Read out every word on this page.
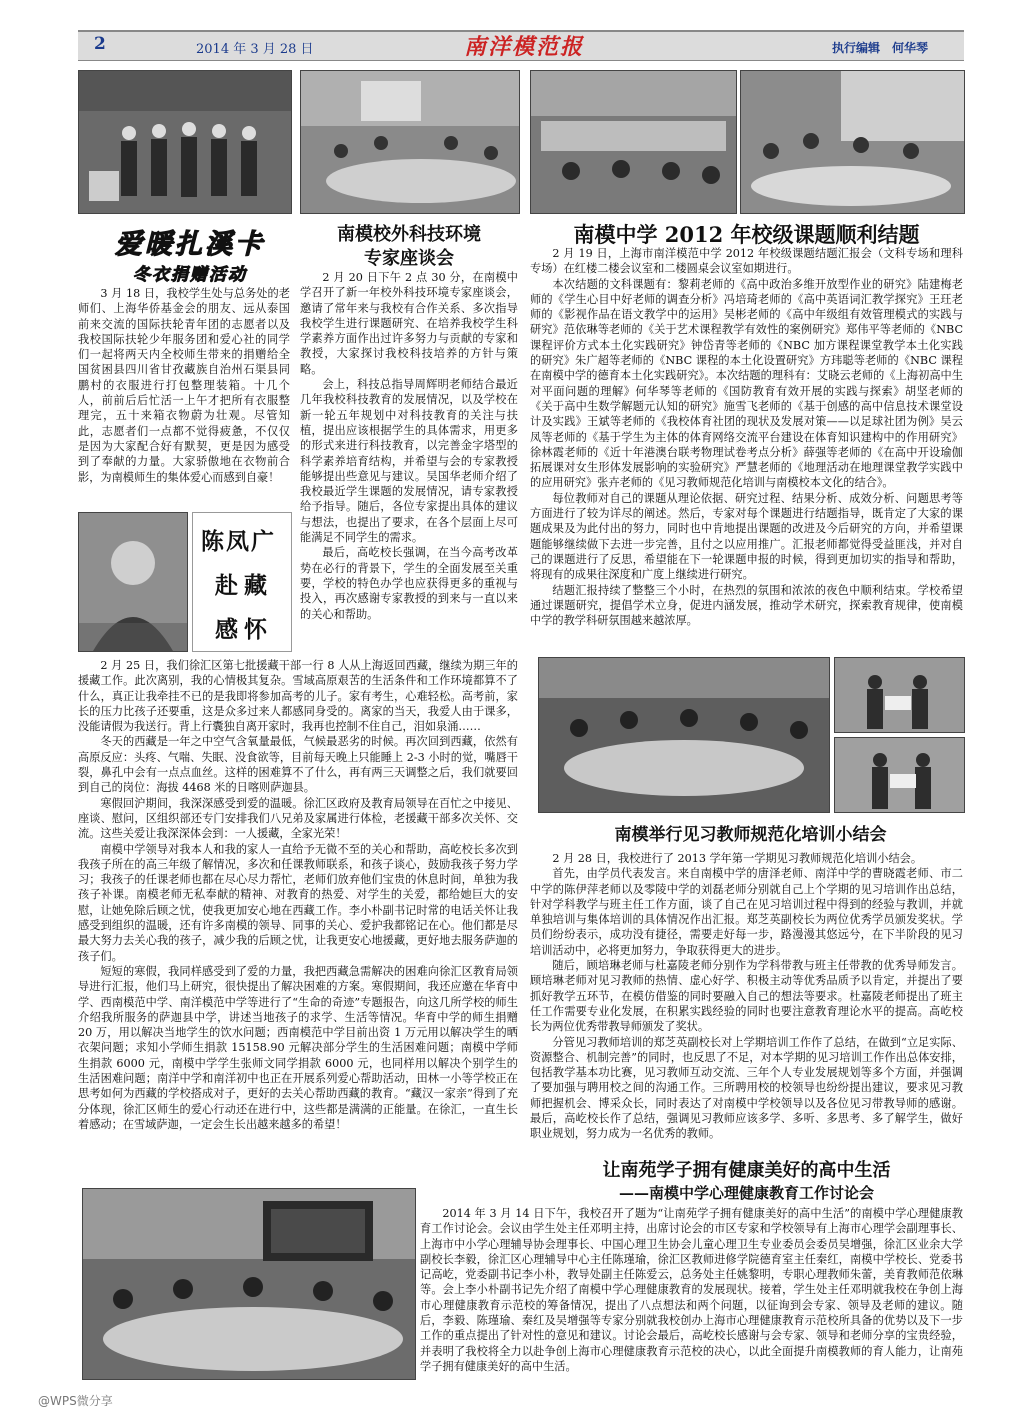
2	2014 年 3 月 28 日	南洋模范报	执行编辑　何华琴
爱暖扎溪卡
冬衣捐赠活动

3 月 18 日，我校学生处与总务处的老师们、上海华侨基金会的朋友、远从泰国前来交流的国际扶轮青年团的志愿者以及我校国际扶轮少年服务团和爱心社的同学们一起将两天内全校师生带来的捐赠给全国贫困县四川省甘孜藏族自治州石渠县同鹏村的衣服进行打包整理装箱。十几个人，前前后后忙活一上午才把所有衣服整理完，五十来箱衣物蔚为壮观。尽管知此，志愿者们一点都不觉得疲惫，不仅仅是因为大家配合好有默契，更是因为感受到了奉献的力量。大家骄傲地在衣物前合影，为南模师生的集体爱心而感到自豪！

南模校外科技环境
专家座谈会

2 月 20 日下午 2 点 30 分，在南模中学召开了新一年校外科技环境专家座谈会，邀请了常年来与我校有合作关系、多次指导我校学生进行课题研究、在培养我校学生科学素养方面作出过许多努力与贡献的专家和教授，大家探讨我校科技培养的方针与策略。

会上，科技总指导周辉明老师结合最近几年我校科技教育的发展情况，以及学校在新一轮五年规划中对科技教育的关注与扶植，提出应该根据学生的具体需求，用更多的形式来进行科技教育，以完善金字塔型的科学素养培育结构，并希望与会的专家教授能够提出些意见与建议。吴国华老师介绍了我校最近学生课题的发展情况，请专家教授给予指导。随后，各位专家提出具体的建议与想法，也提出了要求，在各个层面上尽可能满足不同学生的需求。

最后，高屹校长强调，在当今高考改革势在必行的背景下，学生的全面发展至关重要，学校的特色办学也应获得更多的重视与投入，再次感谢专家教授的到来与一直以来的关心和帮助。

南模中学 2012 年校级课题顺利结题

2 月 19 日，上海市南洋模范中学 2012 年校级课题结题汇报会（文科专场和理科专场）在红楼二楼会议室和二楼圆桌会议室如期进行。

本次结题的文科课题有：黎莉老师的《高中政治多维开放型作业的研究》陆建梅老师的《学生心目中好老师的调查分析》冯培琦老师的《高中英语词汇教学探究》王玨老师的《影视作品在语文教学中的运用》吴彬老师的《高中年级组有效管理模式的实践与研究》范依琳等老师的《关于艺术课程教学有效性的案例研究》郑伟平等老师的《NBC 课程评价方式本土化实践研究》钟岱青等老师的《NBC 加方课程课堂教学本土化实践的研究》朱广超等老师的《NBC 课程的本土化设置研究》方玮聪等老师的《NBC 课程在南模中学的德育本土化实践研究》。本次结题的理科有：艾晓云老师的《上海初高中生对平面问题的理解》何华琴等老师的《国防教育有效开展的实践与探索》胡坚老师的《关于高中生数学解题元认知的研究》施雪飞老师的《基于创感的高中信息技术课堂设计及实践》王斌等老师的《我校体育社团的现状及发展对策——以足球社团为例》吴云凤等老师的《基于学生为主体的体育网络交流平台建设在体育知识建构中的作用研究》徐林霞老师的《近十年港澳台联考物理试卷考点分析》薛强等老师的《在高中开设瑜伽拓展课对女生形体发展影响的实验研究》严慧老师的《地理活动在地理课堂教学实践中的应用研究》张卉老师的《见习教师规范化培训与南模校本文化的结合》。

每位教师对自己的课题从理论依据、研究过程、结果分析、成效分析、问题思考等方面进行了较为详尽的阐述。然后，专家对每个课题进行结题指导，既肯定了大家的课题成果及为此付出的努力，同时也中肯地提出课题的改进及今后研究的方向，并希望课题能够继续做下去进一步完善，且付之以应用推广。汇报老师都觉得受益匪浅，并对自己的课题进行了反思，希望能在下一轮课题申报的时候，得到更加切实的指导和帮助，将现有的成果往深度和广度上继续进行研究。

结题汇报持续了整整三个小时，在热烈的氛围和浓浓的夜色中顺利结束。学校希望通过课题研究，提倡学术立身，促进内涵发展，推动学术研究，探索教育规律，使南模中学的教学科研氛围越来越浓厚。

陈凤广
赴藏
感怀

2 月 25 日，我们徐汇区第七批援藏干部一行 8 人从上海返回西藏，继续为期三年的援藏工作。此次离别，我的心情极其复杂。雪域高原艰苦的生活条件和工作环境都算不了什么，真正让我牵挂不已的是我即将参加高考的儿子。家有考生，心难轻松。高考前，家长的压力比孩子还要重，这是众多过来人都感同身受的。离家的当天，我爱人由于课多，没能请假为我送行。背上行囊独自离开家时，我再也控制不住自己，泪如泉涌……

冬天的西藏是一年之中空气含氧量最低，气候最恶劣的时候。再次回到西藏，依然有高原反应：头疼、气喘、失眠、没食欲等，目前每天晚上只能睡上 2-3 小时的觉，嘴唇干裂，鼻孔中会有一点点血丝。这样的困难算不了什么，再有两三天调整之后，我们就要回到自己的岗位：海拔 4468 米的日喀则萨迦县。

寒假回沪期间，我深深感受到爱的温暖。徐汇区政府及教育局领导在百忙之中接见、座谈、慰问，区组织部还专门安排我们八兄弟及家属进行体检，老援藏干部多次关怀、交流。这些关爱让我深深体会到：一人援藏，全家光荣！

南模中学领导对我本人和我的家人一直给予无微不至的关心和帮助，高屹校长多次到我孩子所在的高三年级了解情况，多次和任课教师联系，和孩子谈心，鼓励我孩子努力学习；我孩子的任课老师也都在尽心尽力帮忙，老师们放弃他们宝贵的休息时间，单独为我孩子补课。南模老师无私奉献的精神、对教育的热爱、对学生的关爱，都给她巨大的安慰，让她免除后顾之忧，使我更加安心地在西藏工作。李小朴副书记时常的电话关怀让我感受到组织的温暖，还有许多南模的领导、同事的关心、爱护我都铭记在心。他们都是尽最大努力去关心我的孩子，减少我的后顾之忧，让我更安心地援藏，更好地去服务萨迦的孩子们。

短短的寒假，我同样感受到了爱的力量，我把西藏急需解决的困难向徐汇区教育局领导进行汇报，他们马上研究，很快提出了解决困难的方案。寒假期间，我还应邀在华育中学、西南模范中学、南洋模范中学等进行了“生命的奇迹”专题报告，向这几所学校的师生介绍我所服务的萨迦县中学，讲述当地孩子的求学、生活等情况。华育中学的师生捐赠 20 万，用以解决当地学生的饮水问题；西南模范中学目前出资 1 万元用以解决学生的晒衣架问题；求知小学师生捐款 15158.90 元解决部分学生的生活困难问题；南模中学师生捐款 6000 元，南模中学学生张师文同学捐款 6000 元，也同样用以解决个别学生的生活困难问题；南洋中学和南洋初中也正在开展系列爱心帮助活动，田林一小等学校正在思考如何为西藏的学校搭成对子，更好的去关心帮助西藏的教育。“藏汉一家亲”得到了充分体现，徐汇区师生的爱心行动还在进行中，这些都是满满的正能量。在徐汇，一直生长着感动；在雪域萨迦，一定会生长出越来越多的希望！

南模举行见习教师规范化培训小结会

2 月 28 日，我校进行了 2013 学年第一学期见习教师规范化培训小结会。

首先，由学员代表发言。来自南模中学的唐泽老师、南洋中学的曹晓霞老师、市二中学的陈伊萍老师以及零陵中学的刘磊老师分别就自己上个学期的见习培训作出总结，针对学科教学与班主任工作方面，谈了自己在见习培训过程中得到的经验与教训，并就单独培训与集体培训的具体情况作出汇报。郑芝英副校长为两位优秀学员颁发奖状。学员们纷纷表示，成功没有捷径，需要走好每一步，路漫漫其悠远兮，在下半阶段的见习培训活动中，必将更加努力，争取获得更大的进步。

随后，顾培琳老师与杜嘉陵老师分别作为学科带教与班主任带教的优秀导师发言。顾培琳老师对见习教师的热情、虚心好学、积极主动等优秀品质予以肯定，并提出了要抓好教学五环节，在模仿借鉴的同时要融入自己的想法等要求。杜嘉陵老师提出了班主任工作需要专业化发展，在积累实践经验的同时也要注意教育理论水平的提高。高屹校长为两位优秀带教导师颁发了奖状。

分管见习教师培训的郑芝英副校长对上学期培训工作作了总结，在做到“立足实际、资源整合、机制完善”的同时，也反思了不足，对本学期的见习培训工作作出总体安排，包括教学基本功比赛，见习教师互动交流、三年个人专业发展规划等多个方面，并强调了要加强与聘用校之间的沟通工作。三所聘用校的校领导也纷纷提出建议，要求见习教师把握机会、博采众长，同时表达了对南模中学校领导以及各位见习带教导师的感谢。最后，高屹校长作了总结，强调见习教师应该多学、多听、多思考、多了解学生，做好职业规划，努力成为一名优秀的教师。

让南苑学子拥有健康美好的高中生活
——南模中学心理健康教育工作讨论会

2014 年 3 月 14 日下午，我校召开了题为“让南苑学子拥有健康美好的高中生活”的南模中学心理健康教育工作讨论会。会议由学生处主任邓明主持，出席讨论会的市区专家和学校领导有上海市心理学会副理事长、上海市中小学心理辅导协会理事长、中国心理卫生协会儿童心理卫生专业委员会委员吴增强，徐汇区业余大学副校长李毅，徐汇区心理辅导中心主任陈瑾瑜，徐汇区教师进修学院德育室主任秦红，南模中学校长、党委书记高屹，党委副书记李小朴，教导处副主任陈爱云，总务处主任姚黎明，专职心理教师朱蕾，美育教师范依琳等。会上李小朴副书记先介绍了南模中学心理健康教育的发展现状。接着，学生处主任邓明就我校在争创上海市心理健康教育示范校的筹备情况，提出了八点想法和两个问题，以征询到会专家、领导及老师的建议。随后，李毅、陈瑾瑜、秦红及吴增强等专家分别就我校创办上海市心理健康教育示范校所具备的优势以及下一步工作的重点提出了针对性的意见和建议。讨论会最后，高屹校长感谢与会专家、领导和老师分享的宝贵经验，并表明了我校将全力以赴争创上海市心理健康教育示范校的决心，以此全面提升南模教师的育人能力，让南苑学子拥有健康美好的高中生活。

@WPS微分享
